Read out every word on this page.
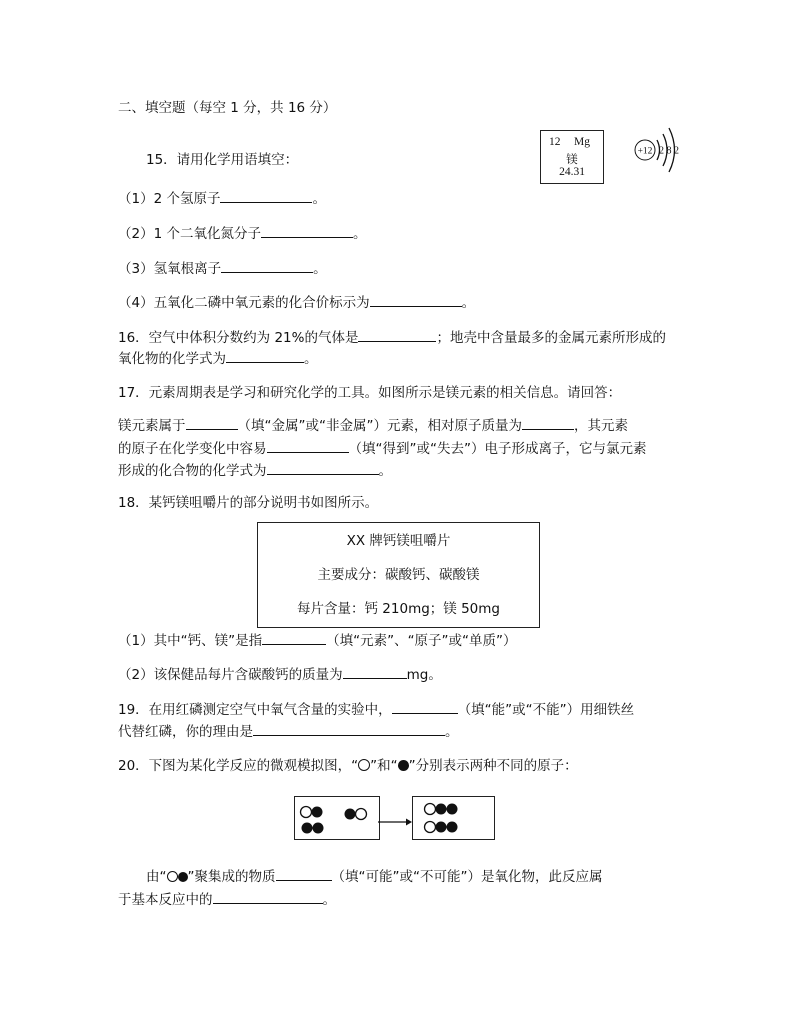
二、填空题（每空 1 分，共 16 分）
15．请用化学用语填空：
12 Mg
镁
24.31
+12 2 8 2
（1）2 个氢原子	。
（2）1 个二氧化氮分子	。
（3）氢氧根离子	。
（4）五氧化二磷中氧元素的化合价标示为	。
16．空气中体积分数约为 21%的气体是	；地壳中含量最多的金属元素所形成的
氧化物的化学式为	。
17．元素周期表是学习和研究化学的工具。如图所示是镁元素的相关信息。请回答：
镁元素属于	（填“金属”或“非金属”）元素，相对原子质量为	，其元素
的原子在化学变化中容易	（填“得到”或“失去”）电子形成离子，它与氯元素
形成的化合物的化学式为	。
18．某钙镁咀嚼片的部分说明书如图所示。
XX 牌钙镁咀嚼片
主要成分：碳酸钙、碳酸镁
每片含量：钙 210mg；镁 50mg
（1）其中“钙、镁”是指	（填“元素”、“原子”或“单质”）
（2）该保健品每片含碳酸钙的质量为	mg。
19．在用红磷测定空气中氧气含量的实验中，	（填“能”或“不能”）用细铁丝
代替红磷，你的理由是	。
20．下图为某化学反应的微观模拟图，“ ”和“ ”分别表示两种不同的原子：
由“ ”聚集成的物质	（填“可能”或“不可能”）是氧化物，此反应属
于基本反应中的	。
